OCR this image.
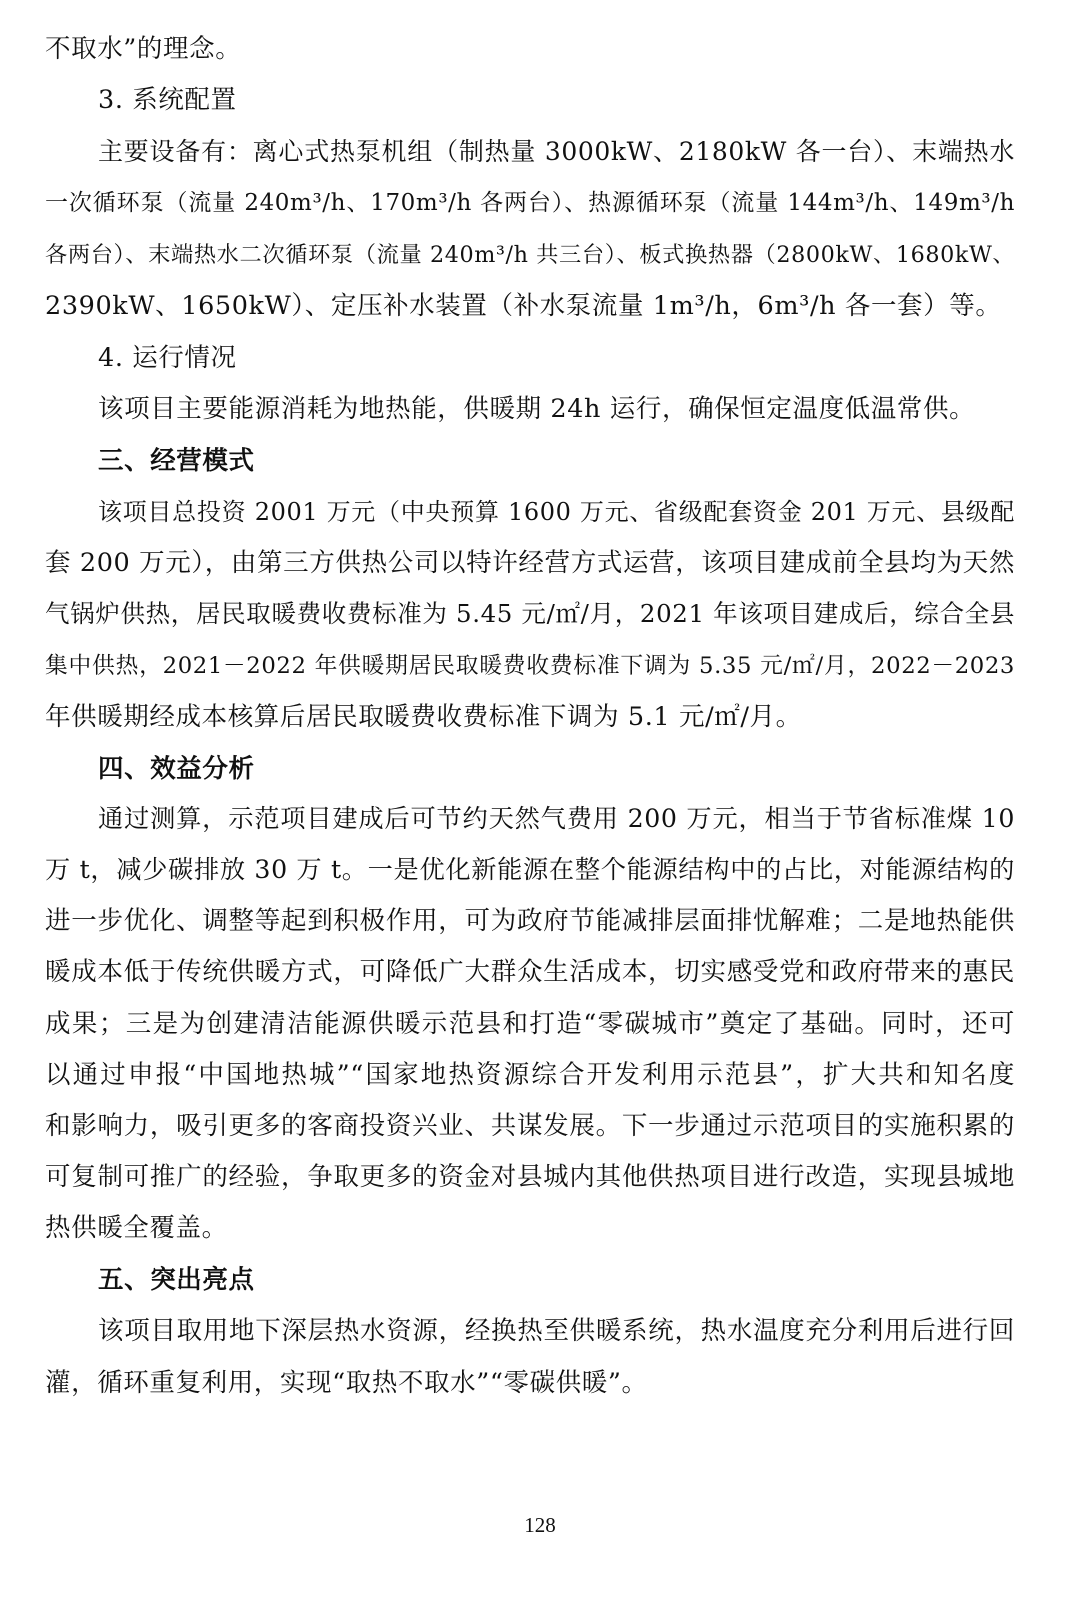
不取水”的理念。
3. 系统配置
主要设备有：离心式热泵机组（制热量 3000kW、2180kW 各一台）、末端热水
一次循环泵（流量 240m³/h、170m³/h 各两台）、热源循环泵（流量 144m³/h、149m³/h
各两台）、末端热水二次循环泵（流量 240m³/h 共三台）、板式换热器（2800kW、1680kW、
2390kW、1650kW）、定压补水装置（补水泵流量 1m³/h，6m³/h 各一套）等。
4. 运行情况
该项目主要能源消耗为地热能，供暖期 24h 运行，确保恒定温度低温常供。
三、经营模式
该项目总投资 2001 万元（中央预算 1600 万元、省级配套资金 201 万元、县级配
套 200 万元），由第三方供热公司以特许经营方式运营，该项目建成前全县均为天然
气锅炉供热，居民取暖费收费标准为 5.45 元/㎡/月，2021 年该项目建成后，综合全县
集中供热，2021－2022 年供暖期居民取暖费收费标准下调为 5.35 元/㎡/月，2022－2023
年供暖期经成本核算后居民取暖费收费标准下调为 5.1 元/㎡/月。
四、效益分析
通过测算，示范项目建成后可节约天然气费用 200 万元，相当于节省标准煤 10
万 t，减少碳排放 30 万 t。一是优化新能源在整个能源结构中的占比，对能源结构的
进一步优化、调整等起到积极作用，可为政府节能减排层面排忧解难；二是地热能供
暖成本低于传统供暖方式，可降低广大群众生活成本，切实感受党和政府带来的惠民
成果；三是为创建清洁能源供暖示范县和打造“零碳城市”奠定了基础。同时，还可
以通过申报“中国地热城”“国家地热资源综合开发利用示范县”，扩大共和知名度
和影响力，吸引更多的客商投资兴业、共谋发展。下一步通过示范项目的实施积累的
可复制可推广的经验，争取更多的资金对县城内其他供热项目进行改造，实现县城地
热供暖全覆盖。
五、突出亮点
该项目取用地下深层热水资源，经换热至供暖系统，热水温度充分利用后进行回
灌，循环重复利用，实现“取热不取水”“零碳供暖”。
128
